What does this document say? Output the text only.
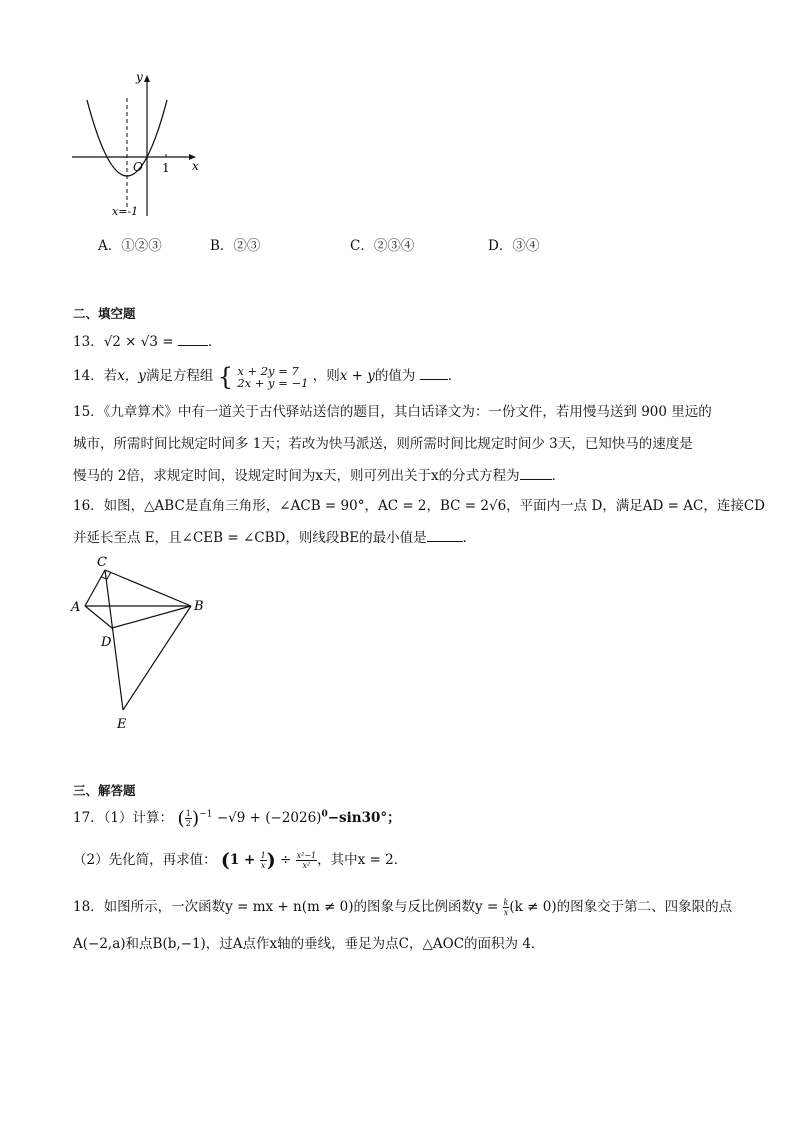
y
x
O 1
x=-1
A．①②③	B．②③	C．②③④	D．③④
二、填空题
13．√2 × √3 =	．
14．若x，y满足方程组 { x + 2y = 7
2x + y = −1 ，则x + y的值为 ．
15．《九章算术》中有一道关于古代驿站送信的题目，其白话译文为：一份文件，若用慢马送到 900 里远的
城市，所需时间比规定时间多 1天；若改为快马派送，则所需时间比规定时间少 3天，已知快马的速度是
慢马的 2倍，求规定时间，设规定时间为x天，则可列出关于x的分式方程为 ．
16．如图，△ABC是直角三角形，∠ACB = 90°，AC = 2，BC = 2√6，平面内一点 D，满足AD = AC，连接CD
并延长至点 E，且∠CEB = ∠CBD，则线段BE的最小值是	．
C
A	B
D
E
三、解答题
17．（1）计算： ( $\frac{1}{2} )^{-1} -√9 + (-2026)^0-\sin 30^\circ$；
（2）先化简，再求值： ($1 + \frac{1}{x}$ ) ÷ $\frac{\text{x²−1}}{\text{x²}}$ ，其中x = 2．
18．如图所示，一次函数y = mx + n(m ≠ 0)的图象与反比例函数$y = \frac{k}{x} (k \ne 0)$的图象交于第二、四象限的点
A(−2,a)和点B(b,−1)，过A点作x轴的垂线，垂足为点C，△AOC的面积为 4．
